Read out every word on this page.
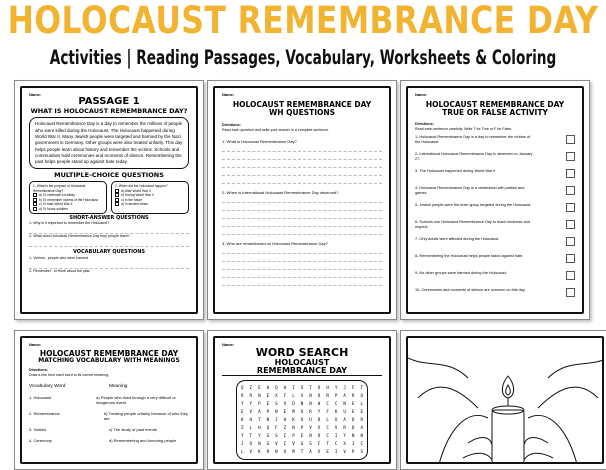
HOLOCAUST REMEMBRANCE DAY
Activities | Reading Passages, Vocabulary, Worksheets & Coloring
Name:
PASSAGE 1
WHAT IS HOLOCAUST REMEMBRANCE DAY?
Holocaust Remembrance Day is a day to remember the millions of people who were killed during the Holocaust. The Holocaust happened during World War II. Many Jewish people were targeted and harmed by the Nazi government in Germany. Other groups were also treated unfairly. This day helps people learn about history and remember the victims. Schools and communities hold ceremonies and moments of silence. Remembering the past helps people stand up against hate today.
MULTIPLE-CHOICE QUESTIONS
1- What is the purpose of Holocaust Remembrance Day?
a) To celebrate a holiday
b) To remember victims of the Holocaust
c) To start World War II
d) To honor soldiers
2- When did the Holocaust happen?
a) After World War II
b) During World War II
c) In the future
d) In ancient times
SHORT-ANSWER QUESTIONS
1- Why is it important to remember the Holocaust?
2- What does Holocaust Remembrance Day help people learn?
VOCABULARY QUESTIONS
1- Victims - people who were harmed
2- Remember - to think about the past
Name:
HOLOCAUST REMEMBRANCE DAY
WH QUESTIONS
Directions:
Read each question and write your answer in a complete sentence.
1- What is Holocaust Remembrance Day?
2- When is International Holocaust Remembrance Day observed?
3- Who are remembered on Holocaust Remembrance Day?
Name:
HOLOCAUST REMEMBRANCE DAY
TRUE OR FALSE ACTIVITY
Directions:
Read each sentence carefully. Write T for True or F for False.
1- Holocaust Remembrance Day is a day to remember the victims of the Holocaust.
2- International Holocaust Remembrance Day is observed on January 27.
3- The Holocaust happened during World War II.
4- Holocaust Remembrance Day is a celebration with parties and games.
5- Jewish people were the main group targeted during the Holocaust.
6- Schools use Holocaust Remembrance Day to teach kindness and respect.
7- Only adults were affected during the Holocaust.
8- Remembering the Holocaust helps people stand against hate.
9- No other groups were harmed during the Holocaust.
10- Ceremonies and moments of silence are common on this day.
Name:
HOLOCAUST REMEMBRANCE DAY
MATCHING VOCABULARY WITH MEANINGS
Directions:
Draw a line from each word to its correct meaning.
Vocabulary Word	Meaning
1. Holocaust	a) People who lived through a very difficult or dangerous event
2. Remembrance	b) Treating people unfairly because of who they are
3. Victims	c) The study of past events
4. Ceremony	d) Remembering and honoring people
Name:
WORD SEARCH
HOLOCAUST
REMEMBRANCE DAY
Q Z E H Q H I S T O H Y J F T
R R N E X F L X N O R P A R O
Y Y P E S V D N N H C C N E L
E V A P N E M O R Y F K U E E
K H T N J H K O U D L O A D R
Z L H Q F Z N P V X C V R D A
Y T Y G S I P E N O C I Y N N
J O N G V I V G S F T C X J C
L V K R N O M T A X E I V P S
